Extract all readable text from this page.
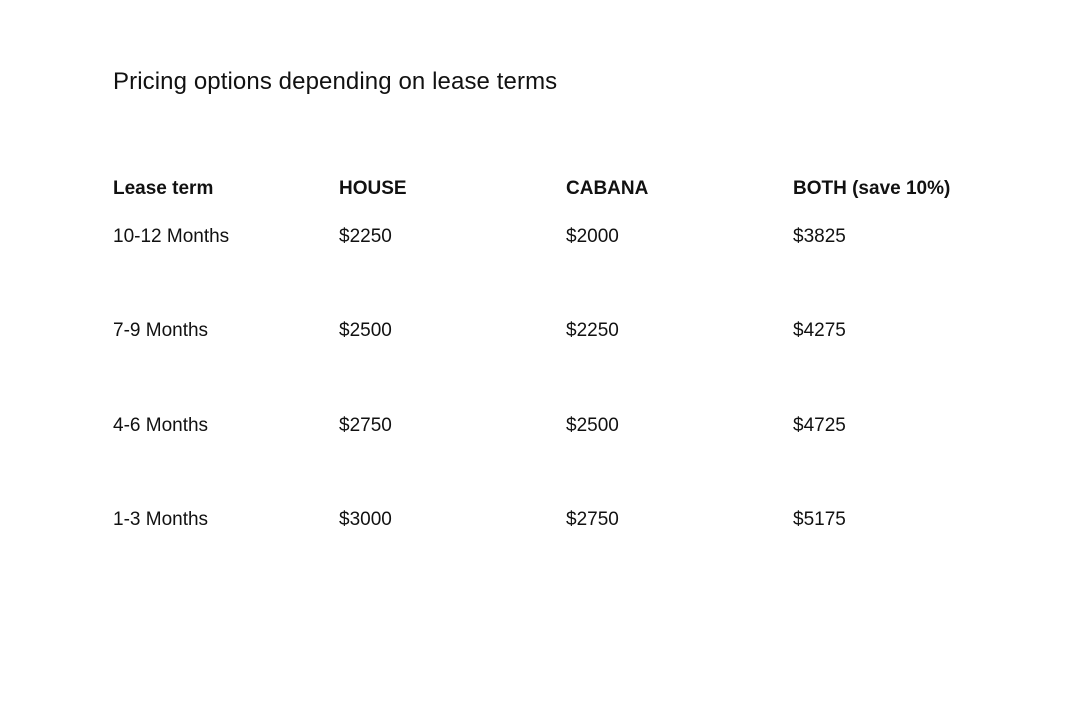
Pricing options depending on lease terms
Lease term	HOUSE	CABANA	BOTH (save 10%)
10-12 Months	$2250	$2000	$3825
7-9 Months	$2500	$2250	$4275
4-6 Months	$2750	$2500	$4725
1-3 Months	$3000	$2750	$5175
